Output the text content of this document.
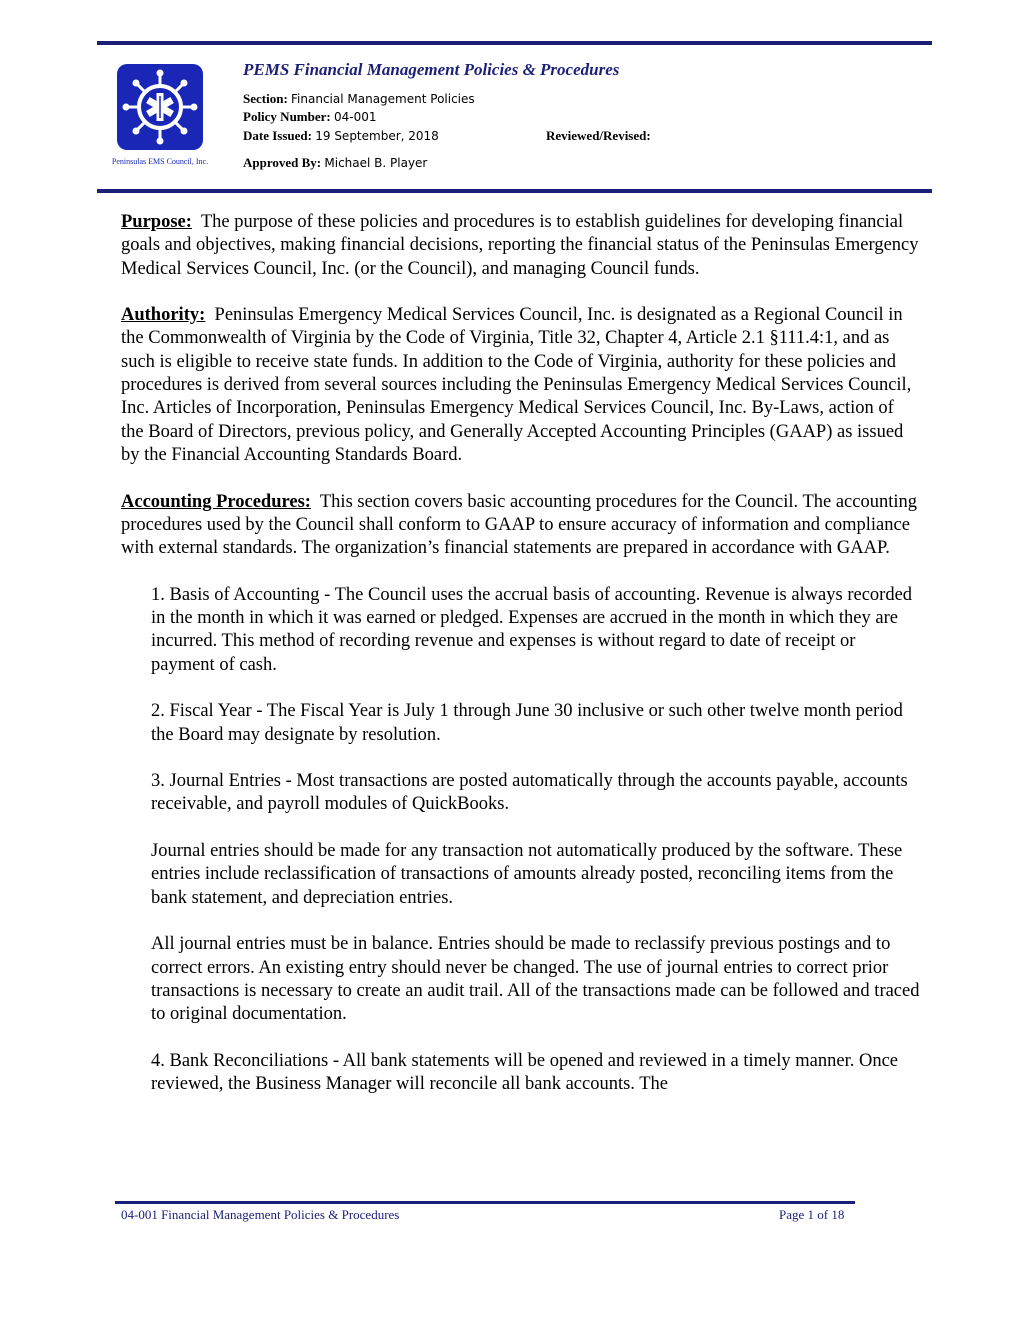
Peninsulas EMS Council, Inc.
PEMS Financial Management Policies & Procedures
Section: Financial Management Policies
Policy Number: 04-001
Date Issued: 19 September, 2018	Reviewed/Revised:
Approved By: Michael B. Player

Purpose: The purpose of these policies and procedures is to establish guidelines for developing financial goals and objectives, making financial decisions, reporting the financial status of the Peninsulas Emergency Medical Services Council, Inc. (or the Council), and managing Council funds.

Authority: Peninsulas Emergency Medical Services Council, Inc. is designated as a Regional Council in the Commonwealth of Virginia by the Code of Virginia, Title 32, Chapter 4, Article 2.1 §111.4:1, and as such is eligible to receive state funds. In addition to the Code of Virginia, authority for these policies and procedures is derived from several sources including the Peninsulas Emergency Medical Services Council, Inc. Articles of Incorporation, Peninsulas Emergency Medical Services Council, Inc. By-Laws, action of the Board of Directors, previous policy, and Generally Accepted Accounting Principles (GAAP) as issued by the Financial Accounting Standards Board.

Accounting Procedures: This section covers basic accounting procedures for the Council. The accounting procedures used by the Council shall conform to GAAP to ensure accuracy of information and compliance with external standards. The organization’s financial statements are prepared in accordance with GAAP.

1. Basis of Accounting - The Council uses the accrual basis of accounting. Revenue is always recorded in the month in which it was earned or pledged. Expenses are accrued in the month in which they are incurred. This method of recording revenue and expenses is without regard to date of receipt or payment of cash.

2. Fiscal Year - The Fiscal Year is July 1 through June 30 inclusive or such other twelve month period the Board may designate by resolution.

3. Journal Entries - Most transactions are posted automatically through the accounts payable, accounts receivable, and payroll modules of QuickBooks.

Journal entries should be made for any transaction not automatically produced by the software. These entries include reclassification of transactions of amounts already posted, reconciling items from the bank statement, and depreciation entries.

All journal entries must be in balance. Entries should be made to reclassify previous postings and to correct errors. An existing entry should never be changed. The use of journal entries to correct prior transactions is necessary to create an audit trail. All of the transactions made can be followed and traced to original documentation.

4. Bank Reconciliations - All bank statements will be opened and reviewed in a timely manner. Once reviewed, the Business Manager will reconcile all bank accounts. The

04-001 Financial Management Policies & Procedures	Page 1 of 18
